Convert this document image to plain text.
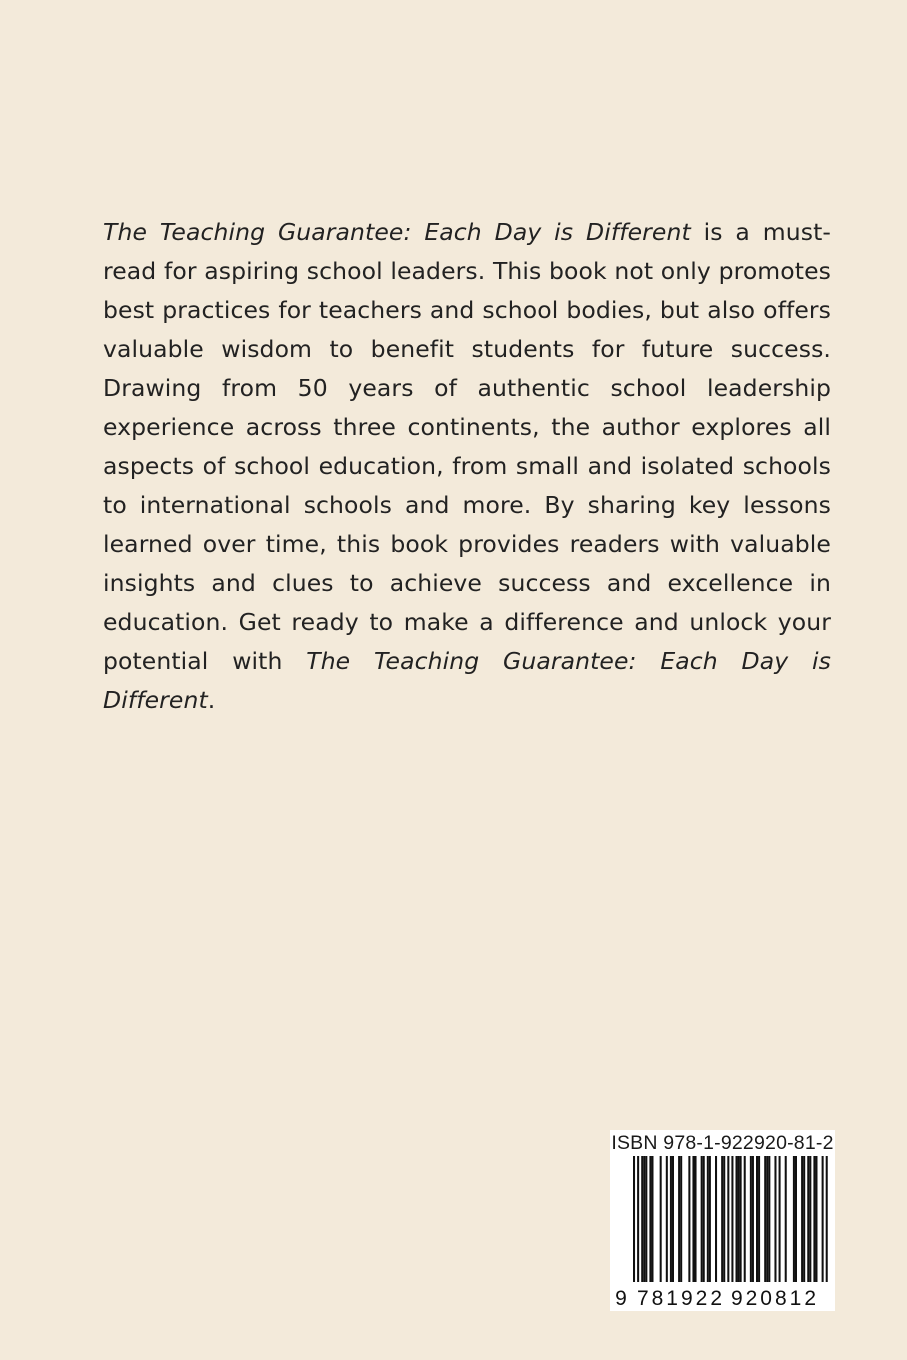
The Teaching Guarantee: Each Day is Different is a must-read for aspiring school leaders. This book not only promotes best practices for teachers and school bodies, but also offers valuable wisdom to benefit students for future success. Drawing from 50 years of authentic school leadership experience across three continents, the author explores all aspects of school education, from small and isolated schools to international schools and more. By sharing key lessons learned over time, this book provides readers with valuable insights and clues to achieve success and excellence in education. Get ready to make a difference and unlock your potential with The Teaching Guarantee: Each Day is Different.

ISBN 978-1-922920-81-2
9 781922 920812
